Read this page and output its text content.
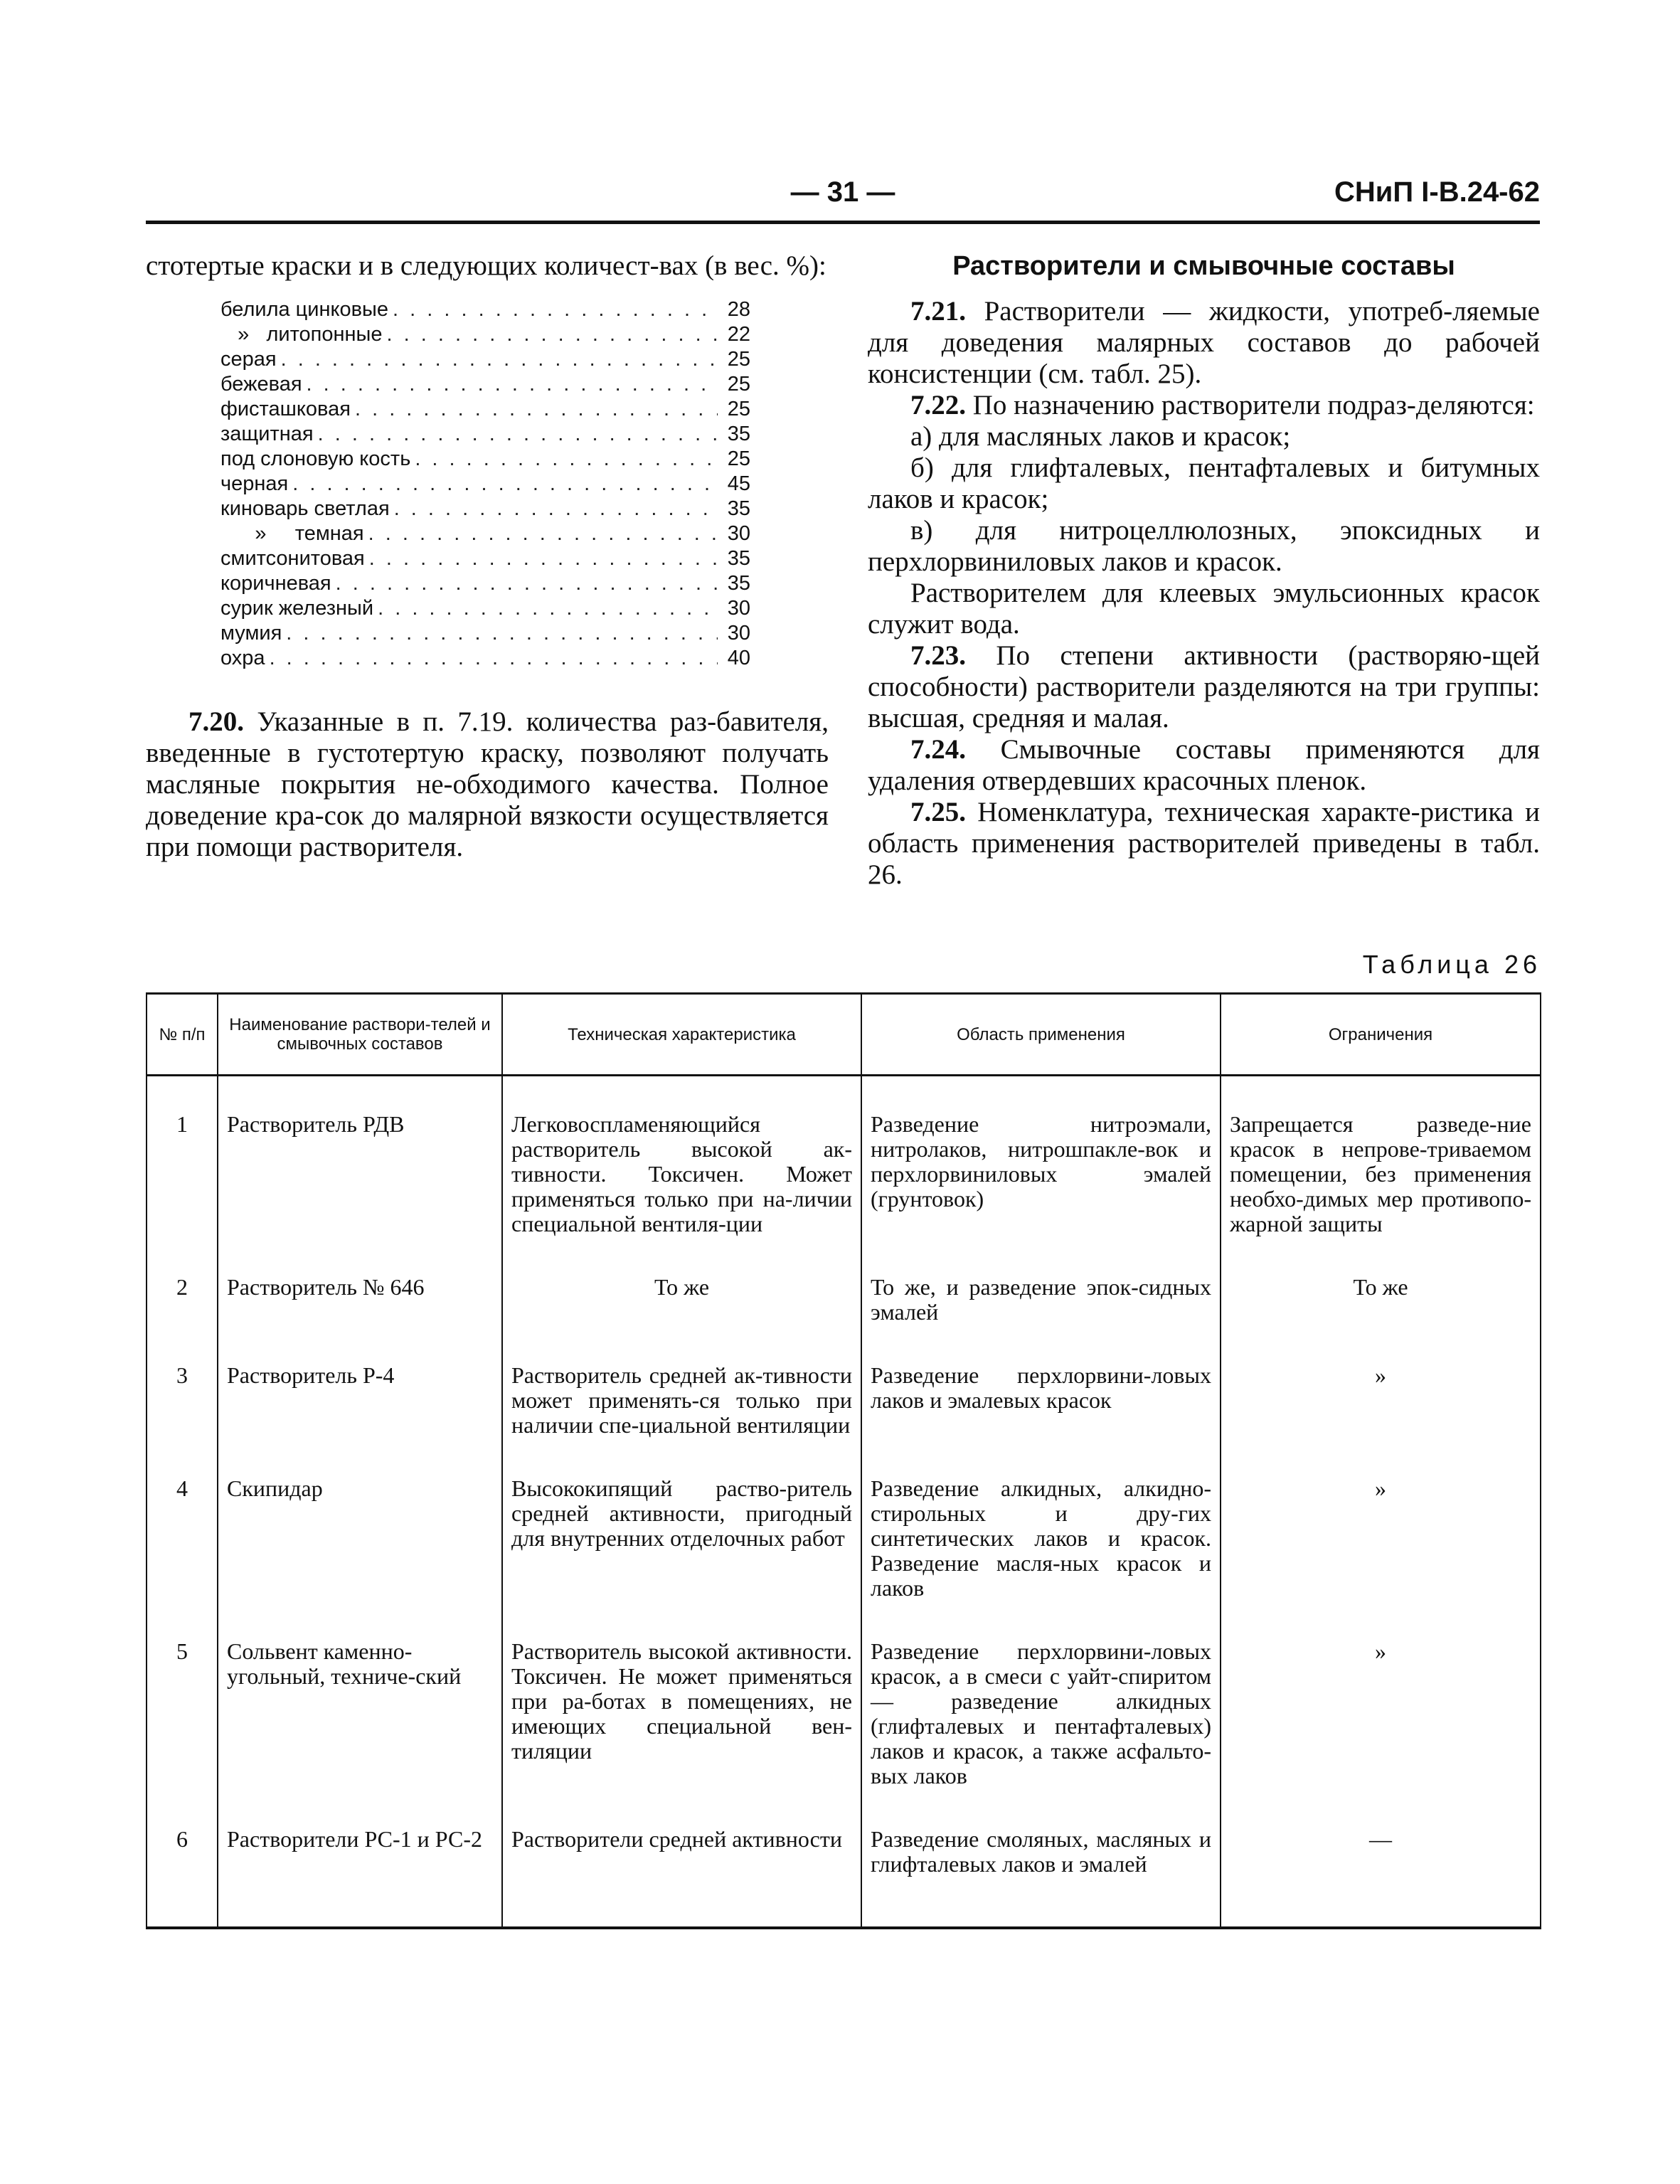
— 31 —	СНиП I-В.24-62

стотертые краски и в следующих количест-вах (в вес. %):

белила цинковые . . .	28
»   литопонные . . .	22
серая . . .	25
бежевая . . .	25
фисташковая . . .	25
защитная . . .	35
под слоновую кость . . .	25
черная . . .	45
киноварь светлая . . .	35
»     темная . . .	30
смитсонитовая . . .	35
коричневая . . .	35
сурик железный . . .	30
мумия . . .	30
охра . . .	40

7.20. Указанные в п. 7.19. количества раз-бавителя, введенные в густотертую краску, позволяют получать масляные покрытия не-обходимого качества. Полное доведение кра-сок до малярной вязкости осуществляется при помощи растворителя.

Растворители и смывочные составы

7.21. Растворители — жидкости, употреб-ляемые для доведения малярных составов до рабочей консистенции (см. табл. 25).

7.22. По назначению растворители подраз-деляются:

а) для масляных лаков и красок;

б) для глифталевых, пентафталевых и битумных лаков и красок;

в) для нитроцеллюлозных, эпоксидных и перхлорвиниловых лаков и красок.

Растворителем для клеевых эмульсионных красок служит вода.

7.23. По степени активности (растворяю-щей способности) растворители разделяются на три группы: высшая, средняя и малая.

7.24. Смывочные составы применяются для удаления отвердевших красочных пленок.

7.25. Номенклатура, техническая характе-ристика и область применения растворителей приведены в табл. 26.

Таблица 26
№ п/п	Наименование раствори-телей и смывочных составов	Техническая характеристика	Область применения	Ограничения
1	Растворитель РДВ	Легковоспламеняющийся растворитель высокой ак-тивности. Токсичен. Может применяться только при на-личии специальной вентиля-ции	Разведение нитроэмали, нитролаков, нитрошпакле-вок и перхлорвиниловых эмалей (грунтовок)	Запрещается разведе-ние красок в непрове-триваемом помещении, без применения необхо-димых мер противопо-жарной защиты
2	Растворитель № 646	То же	То же, и разведение эпок-сидных эмалей	То же
3	Растворитель Р-4	Растворитель средней ак-тивности может применять-ся только при наличии спе-циальной вентиляции	Разведение перхлорвини-ловых лаков и эмалевых красок	»
4	Скипидар	Высококипящий раство-ритель средней активности, пригодный для внутренних отделочных работ	Разведение алкидных, алкидно-стирольных и дру-гих синтетических лаков и красок. Разведение масля-ных красок и лаков	»
5	Сольвент каменно-угольный, техниче-ский	Растворитель высокой активности. Токсичен. Не может применяться при ра-ботах в помещениях, не имеющих специальной вен-тиляции	Разведение перхлорвини-ловых красок, а в смеси с уайт-спиритом — разведение алкидных (глифталевых и пентафталевых) лаков и красок, а также асфальто-вых лаков	»
6	Растворители РС-1 и РС-2	Растворители средней активности	Разведение смоляных, масляных и глифталевых лаков и эмалей	—
